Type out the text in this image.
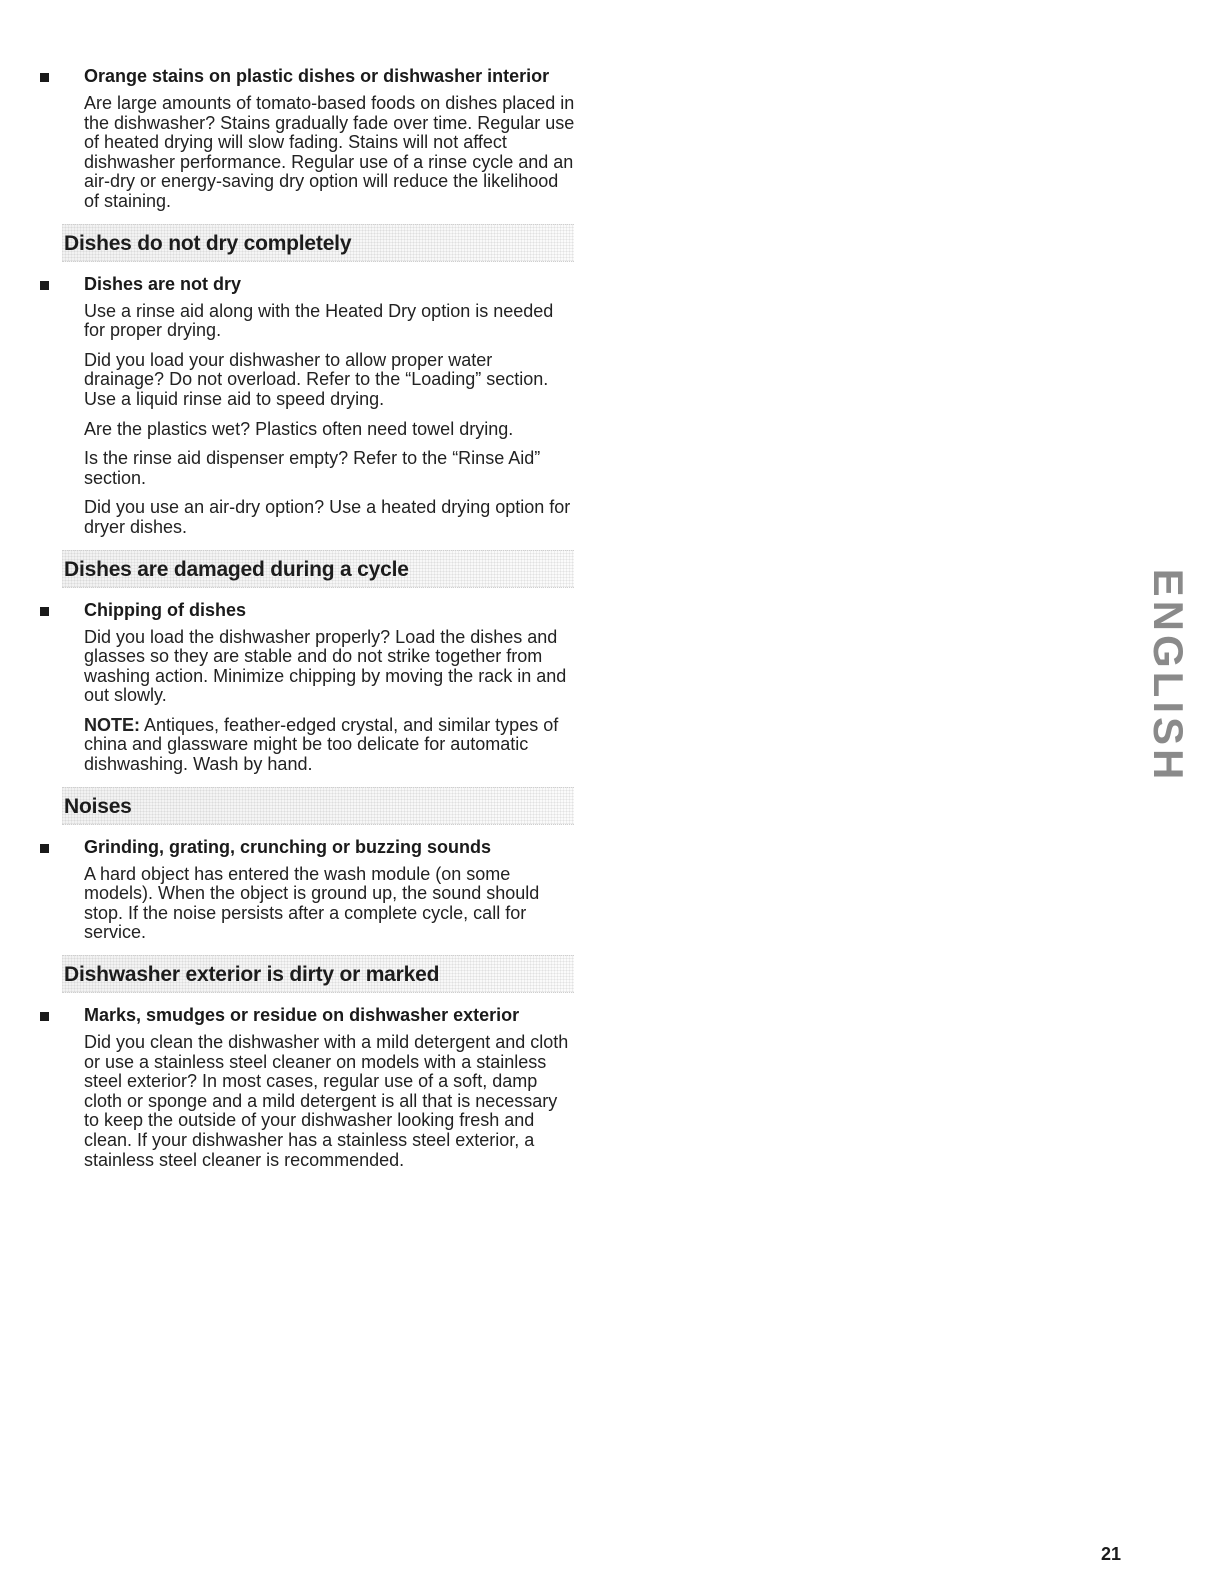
Orange stains on plastic dishes or dishwasher interior

Are large amounts of tomato-based foods on dishes placed in the dishwasher? Stains gradually fade over time. Regular use of heated drying will slow fading. Stains will not affect dishwasher performance. Regular use of a rinse cycle and an air-dry or energy-saving dry option will reduce the likelihood of staining.

Dishes do not dry completely
Dishes are not dry

Use a rinse aid along with the Heated Dry option is needed for proper drying.

Did you load your dishwasher to allow proper water drainage? Do not overload. Refer to the “Loading” section. Use a liquid rinse aid to speed drying.

Are the plastics wet? Plastics often need towel drying.

Is the rinse aid dispenser empty? Refer to the “Rinse Aid” section.

Did you use an air-dry option? Use a heated drying option for dryer dishes.

Dishes are damaged during a cycle
Chipping of dishes

Did you load the dishwasher properly? Load the dishes and glasses so they are stable and do not strike together from washing action. Minimize chipping by moving the rack in and out slowly.

NOTE: Antiques, feather-edged crystal, and similar types of china and glassware might be too delicate for automatic dishwashing. Wash by hand.

Noises
Grinding, grating, crunching or buzzing sounds

A hard object has entered the wash module (on some models). When the object is ground up, the sound should stop. If the noise persists after a complete cycle, call for service.

Dishwasher exterior is dirty or marked
Marks, smudges or residue on dishwasher exterior

Did you clean the dishwasher with a mild detergent and cloth or use a stainless steel cleaner on models with a stainless steel exterior? In most cases, regular use of a soft, damp cloth or sponge and a mild detergent is all that is necessary to keep the outside of your dishwasher looking fresh and clean. If your dishwasher has a stainless steel exterior, a stainless steel cleaner is recommended.

ENGLISH
21
